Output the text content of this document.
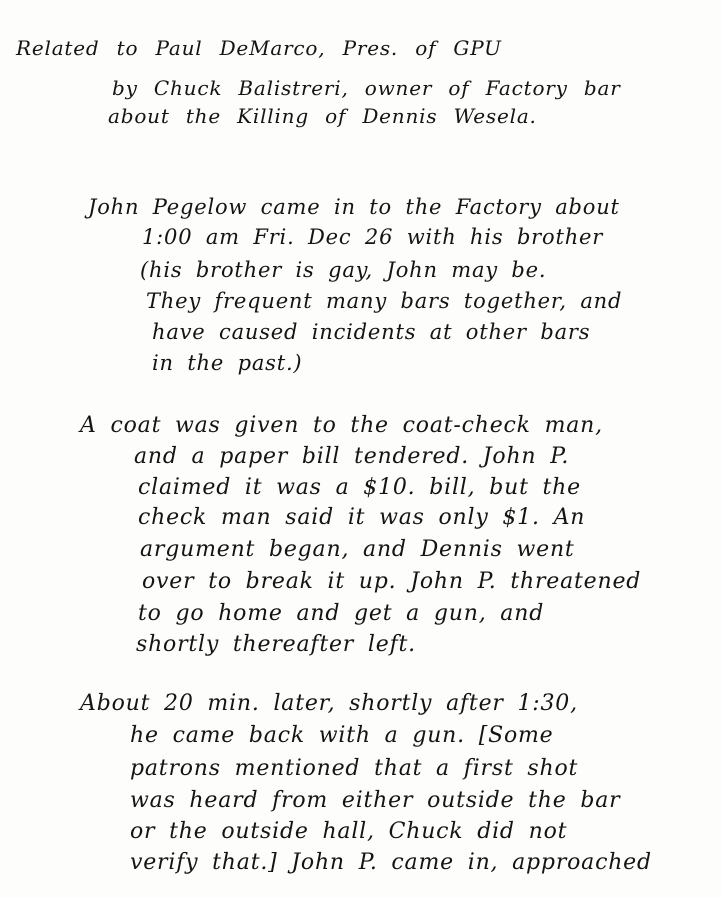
Related to Paul DeMarco, Pres. of GPU
by Chuck Balistreri, owner of Factory bar
about the Killing of Dennis Wesela.
John Pegelow came in to the Factory about
1:00 am Fri. Dec 26 with his brother
(his brother is gay, John may be.
They frequent many bars together, and
have caused incidents at other bars
in the past.)
A coat was given to the coat-check man,
and a paper bill tendered. John P.
claimed it was a $10. bill, but the
check man said it was only $1. An
argument began, and Dennis went
over to break it up. John P. threatened
to go home and get a gun, and
shortly thereafter left.
About 20 min. later, shortly after 1:30,
he came back with a gun. [Some
patrons mentioned that a first shot
was heard from either outside the bar
or the outside hall, Chuck did not
verify that.] John P. came in, approached
